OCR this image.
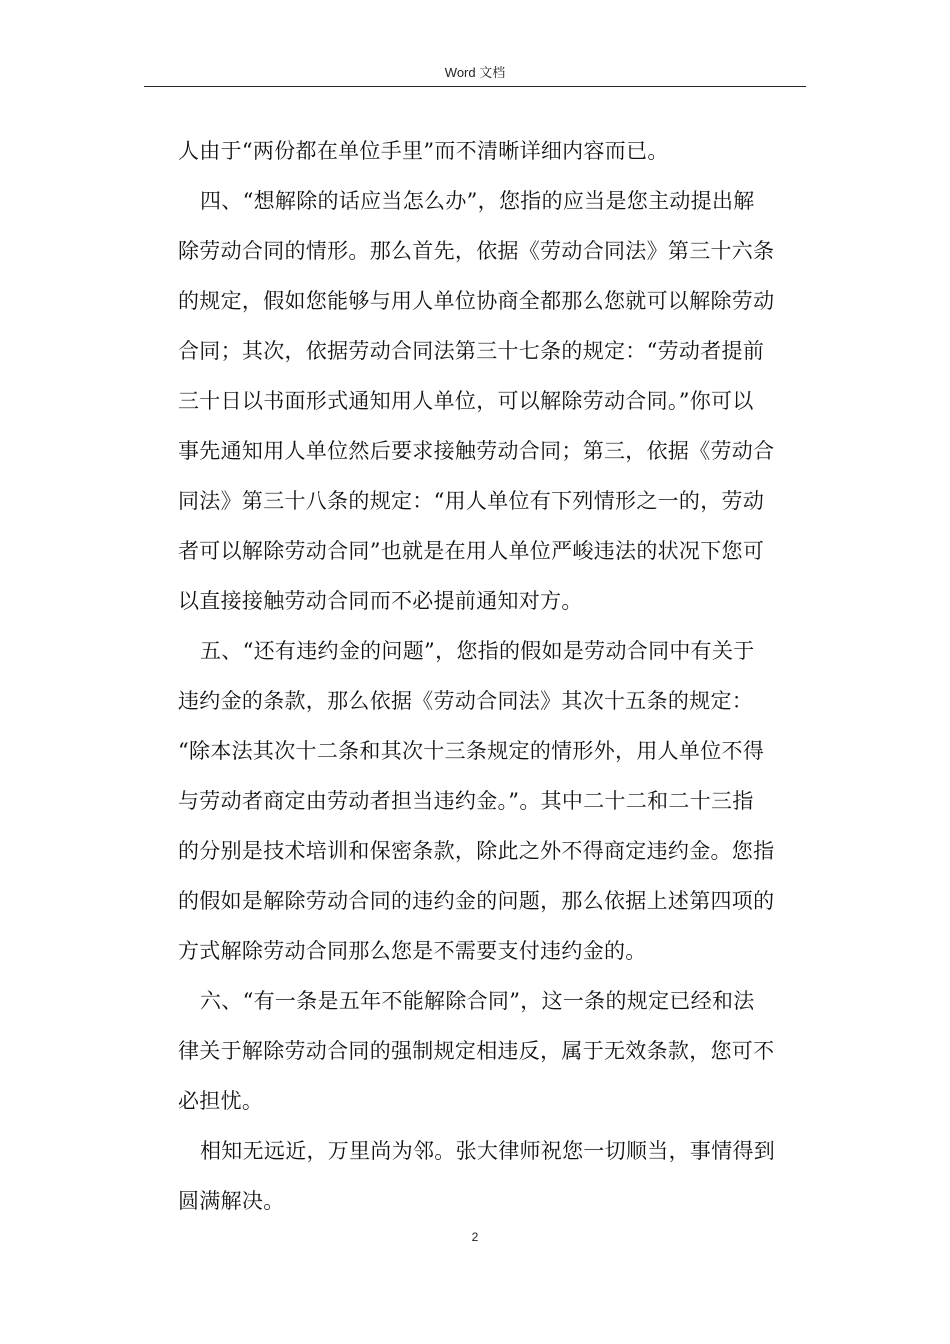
Word 文档
人由于“两份都在单位手里”而不清晰详细内容而已。
四、“想解除的话应当怎么办”，您指的应当是您主动提出解
除劳动合同的情形。那么首先，依据《劳动合同法》第三十六条
的规定，假如您能够与用人单位协商全都那么您就可以解除劳动
合同；其次，依据劳动合同法第三十七条的规定：“劳动者提前
三十日以书面形式通知用人单位，可以解除劳动合同。”你可以
事先通知用人单位然后要求接触劳动合同；第三，依据《劳动合
同法》第三十八条的规定：“用人单位有下列情形之一的，劳动
者可以解除劳动合同”也就是在用人单位严峻违法的状况下您可
以直接接触劳动合同而不必提前通知对方。
五、“还有违约金的问题”，您指的假如是劳动合同中有关于
违约金的条款，那么依据《劳动合同法》其次十五条的规定：
“除本法其次十二条和其次十三条规定的情形外，用人单位不得
与劳动者商定由劳动者担当违约金。”。其中二十二和二十三指
的分别是技术培训和保密条款，除此之外不得商定违约金。您指
的假如是解除劳动合同的违约金的问题，那么依据上述第四项的
方式解除劳动合同那么您是不需要支付违约金的。
六、“有一条是五年不能解除合同”，这一条的规定已经和法
律关于解除劳动合同的强制规定相违反，属于无效条款，您可不
必担忧。
相知无远近，万里尚为邻。张大律师祝您一切顺当，事情得到
圆满解决。
2
